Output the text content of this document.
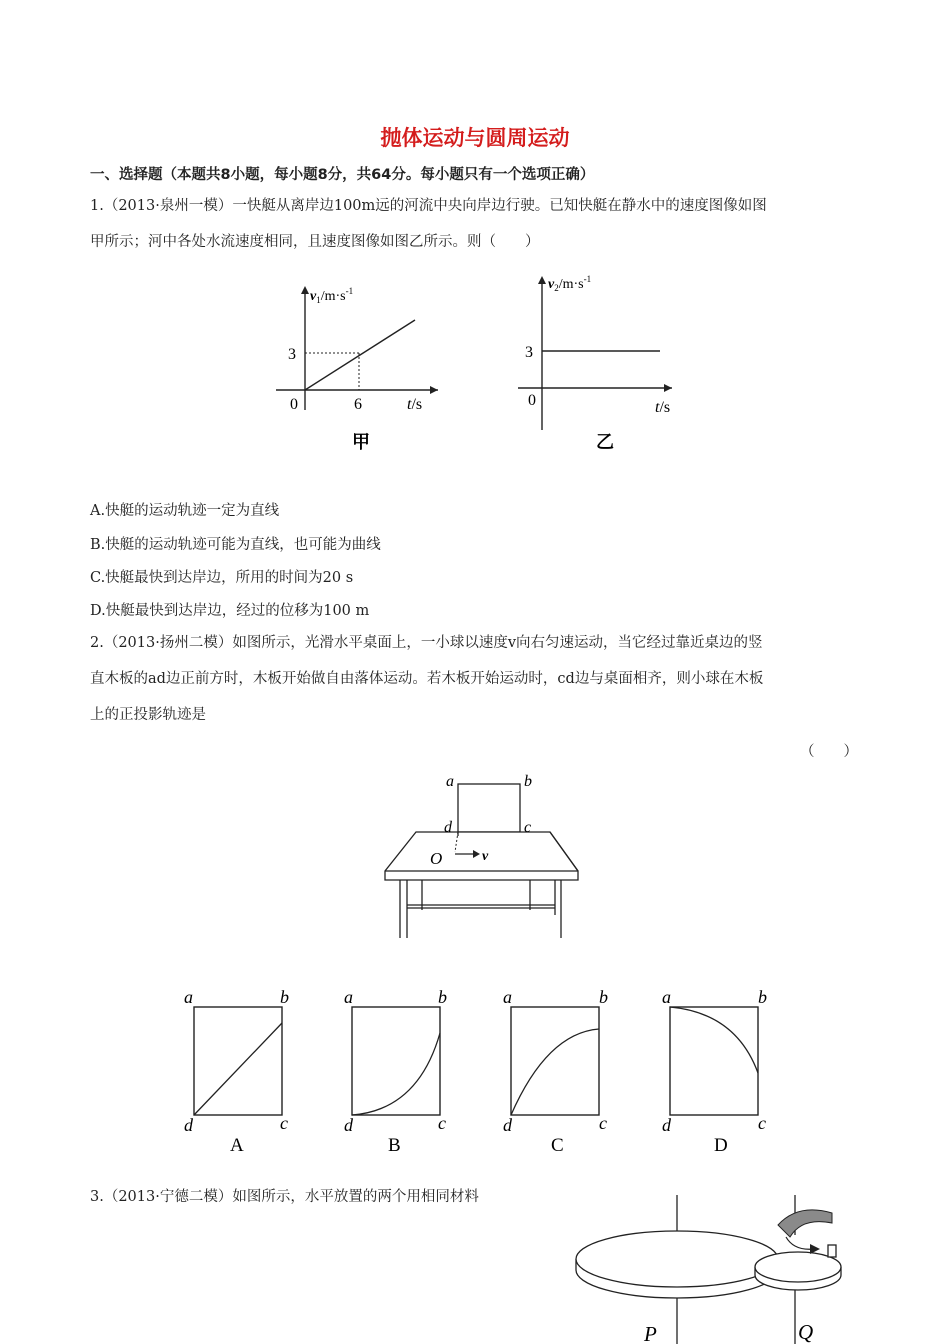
抛体运动与圆周运动
一、选择题（本题共8小题，每小题8分，共64分。每小题只有一个选项正确）
1.（2013·泉州一模）一快艇从离岸边100m远的河流中央向岸边行驶。已知快艇在静水中的速度图像如图
甲所示；河中各处水流速度相同，且速度图像如图乙所示。则（　　）
$v_1/m\cdot s^{-1}$
3
0	6	t/s
甲
$v_2/m\cdot s^{-1}$
3
0	t/s
乙
A.快艇的运动轨迹一定为直线
B.快艇的运动轨迹可能为直线，也可能为曲线
C.快艇最快到达岸边，所用的时间为20 s
D.快艇最快到达岸边，经过的位移为100 m
2.（2013·扬州二模）如图所示，光滑水平桌面上，一小球以速度v向右匀速运动，当它经过靠近桌边的竖
直木板的ad边正前方时，木板开始做自由落体运动。若木板开始运动时，cd边与桌面相齐，则小球在木板
上的正投影轨迹是
（　　）
a	b
d	c
O	v
a	b
d	c
A
a	b
d	c
B
a	b
d	c
C
a	b
d	c
D
3.（2013·宁德二模）如图所示，水平放置的两个用相同材料
P	Q
